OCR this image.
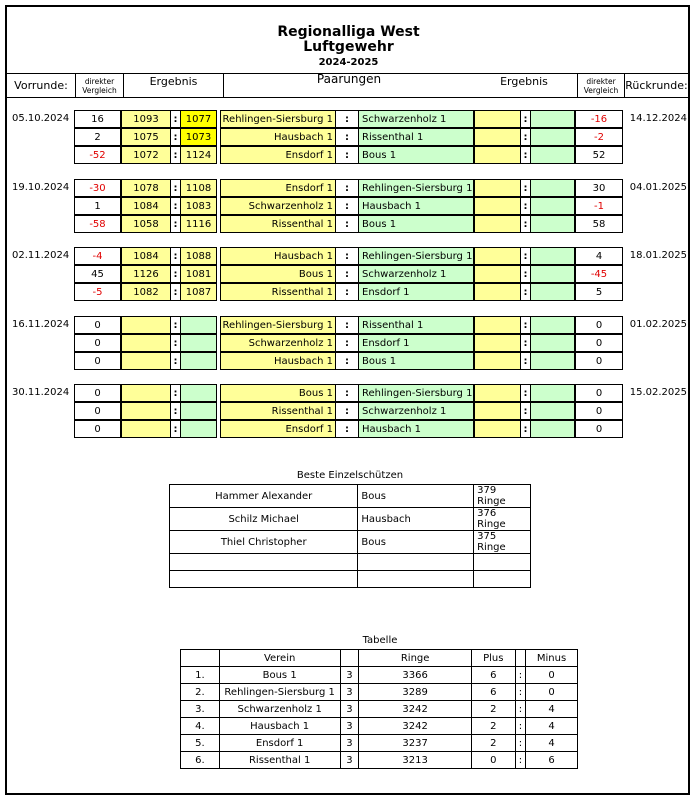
Regionalliga West
Luftgewehr
2024-2025
Vorrunde:	direkter
Vergleich
Ergebnis	Paarungen	Ergebnis	direkter
Vergleich Rückrunde:
05.10.2024	14.12.2024
16	1093	: 1077	Rehlingen-Siersburg 1	:	Schwarzenholz 1	:	-16
2	1075	: 1073	Hausbach 1	:	Rissenthal 1	:	-2
-52	1072	: 1124	Ensdorf 1	:	Bous 1	:	52
19.10.2024	04.01.2025
-30	1078	: 1108	Ensdorf 1	:	Rehlingen-Siersburg 1	:	30
1	1084	: 1083	Schwarzenholz 1	:	Hausbach 1	:	-1
-58	1058	: 1116	Rissenthal 1	:	Bous 1	:	58
02.11.2024	18.01.2025
-4	1084	: 1088	Hausbach 1	:	Rehlingen-Siersburg 1	:	4
45	1126	: 1081	Bous 1	:	Schwarzenholz 1	:	-45
-5	1082	: 1087	Rissenthal 1	:	Ensdorf 1	:	5
16.11.2024	01.02.2025
0	:	Rehlingen-Siersburg 1	:	Rissenthal 1	:	0
0	:	Schwarzenholz 1	:	Ensdorf 1	:	0
0	:	Hausbach 1	:	Bous 1	:	0
30.11.2024	15.02.2025
0	:	Bous 1	:	Rehlingen-Siersburg 1	:	0
0	:	Rissenthal 1	:	Schwarzenholz 1	:	0
0	:	Ensdorf 1	:	Hausbach 1	:	0
Beste Einzelschützen
Hammer Alexander	Bous	379 Ringe
Schilz Michael	Hausbach	376 Ringe
Thiel Christopher	Bous	375 Ringe

Tabelle
	Verein		Ringe	Plus		Minus
1.	Bous 1	3	3366	6	:	0
2.	Rehlingen-Siersburg 1	3	3289	6	:	0
3.	Schwarzenholz 1	3	3242	2	:	4
4.	Hausbach 1	3	3242	2	:	4
5.	Ensdorf 1	3	3237	2	:	4
6.	Rissenthal 1	3	3213	0	:	6
